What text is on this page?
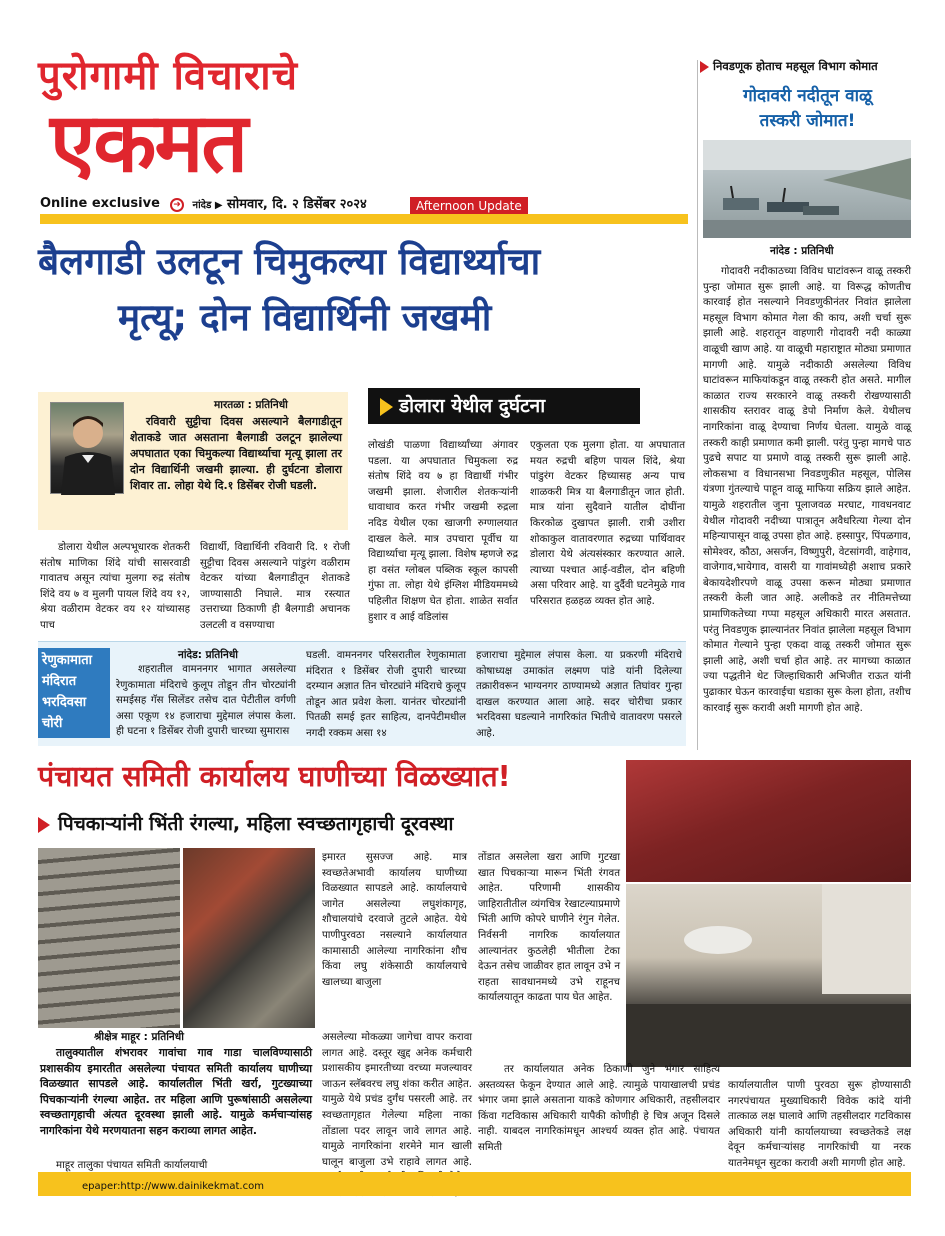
पुरोगामी विचाराचे
एकमत
Online exclusive	➜ नांदेड ▶ सोमवार, दि. २ डिसेंबर २०२४	Afternoon Update
निवडणूक होताच महसूल विभाग कोमात
गोदावरी नदीतून वाळू
तस्करी जोमात!
नांदेड : प्रतिनिधी
गोदावरी नदीकाठच्या विविध घाटांवरून वाळू तस्करी पुन्हा जोमात सुरू झाली आहे. या विरूद्ध कोणतीच कारवाई होत नसल्याने निवडणुकीनंतर निवांत झालेला महसूल विभाग कोमात गेला की काय, अशी चर्चा सुरू झाली आहे. शहरातून वाहणारी गोदावरी नदी काळ्या वाळूची खाण आहे. या वाळूची महाराष्ट्रात मोठ्या प्रमाणात मागणी आहे. यामुळे नदीकाठी असलेल्या विविध घाटांवरून माफियांकडून वाळू तस्करी होत असते. मागील काळात राज्य सरकारने वाळू तस्करी रोखण्यासाठी शासकीय स्तरावर वाळू डेपो निर्माण केले. येथीलच नागरिकांना वाळू देण्याचा निर्णय घेतला. यामुळे वाळू तस्करी काही प्रमाणात कमी झाली. परंतु पुन्हा मागचे पाठ पुढचे सपाट या प्रमाणे वाळू तस्करी सुरू झाली आहे. लोकसभा व विधानसभा निवडणुकीत महसूल, पोलिस यंत्रणा गुंतल्याचे पाहून वाळू माफिया सक्रिय झाले आहेत. यामुळे शहरातील जुना पूलाजवळ मरघाट, गावधनवाट येथील गोदावरी नदीच्या पात्रातून अवैधरित्या गेल्या दोन महिन्यापासून वाळू उपसा होत आहे. हस्सापुर, पिंपळगाव, सोमेश्वर, कौठा, असर्जन, विष्णुपुरी, वेटसांगवी, वाहेगाव, वाजेगाव,भायेगाव, वासरी या गावांमध्येही अशाच प्रकारे बेकायदेशीरपणे वाळू उपसा करून मोठ्या प्रमाणात तस्करी केली जात आहे. अलीकडे तर नीतिमत्तेच्या प्रामाणिकतेच्या गप्पा महसूल अधिकारी मारत असतात. परंतु निवडणुक झाल्यानंतर निवांत झालेला महसूल विभाग कोमात गेल्याने पुन्हा एकदा वाळू तस्करी जोमात सुरू झाली आहे, अशी चर्चा होत आहे. तर मागच्या काळात ज्या पद्धतीने थेट जिल्हाधिकारी अभिजीत राऊत यांनी पुढाकार घेऊन कारवाईचा धडाका सुरू केला होता, तशीच कारवाई सुरू करावी अशी मागणी होत आहे.
बैलगाडी उलटून चिमुकल्या विद्यार्थ्याचा
मृत्यू; दोन विद्यार्थिनी जखमी
डोलारा येथील दुर्घटना
मारतळा : प्रतिनिधी
रविवारी सुट्टीचा दिवस असल्याने बैलगाडीतून शेताकडे जात असताना बैलगाडी उलटून झालेल्या अपघातात एका चिमुकल्या विद्यार्थ्याचा मृत्यू झाला तर दोन विद्यार्थिनी जखमी झाल्या. ही दुर्घटना डोलारा शिवार ता. लोहा येथे दि.१ डिसेंबर रोजी घडली.
डोलारा येथील अल्पभूधारक शेतकरी संतोष माणिका शिंदे यांची सासरवाडी गावातच असून त्यांचा मुलगा रुद्र संतोष शिंदे वय ७ व मुलगी पायल शिंदे वय १२, श्रेया वळीराम वेटकर वय १२ यांच्यासह पाच
विद्यार्थी, विद्यार्थिनी रविवारी दि. १ रोजी सुट्टीचा दिवस असल्याने पांडुरंग वळीराम वेटकर यांच्या बैलगाडीतून शेताकडे जाण्यासाठी निघाले. मात्र रस्त्यात उत्तराच्या ठिकाणी ही बैलगाडी अचानक उलटली व वसण्याचा
लोखंडी पाळणा विद्यार्थ्यांच्या अंगावर पडला. या अपघातात चिमुकला रुद्र संतोष शिंदे वय ७ हा विद्यार्थी गंभीर जखमी झाला. शेजारील शेतकऱ्यांनी धावाधाव करत गंभीर जखमी रुद्रला नदिड येथील एका खाजगी रुग्णालयात दाखल केले. मात्र उपचारा पूर्वीच या विद्यार्थ्याचा मृत्यू झाला. विशेष म्हणजे रुद्र हा वसंत ग्लोबल पब्लिक स्कूल कापसी गुंफा ता. लोहा येथे इंग्लिश मीडियममध्ये पहिलीत शिक्षण घेत होता. शाळेत सर्वात हुशार व आई वडिलांस
एकुलता एक मुलगा होता. या अपघातात मयत रुद्रची बहिण पायल शिंदे, श्रेया पांडुरंग वेटकर हिच्यासह अन्य पाच शाळकरी मित्र या बैलगाडीतून जात होती. मात्र यांना सुदैवाने यातील दोघींना किरकोळ दुखापत झाली. रात्री उशीरा शोकाकुल वातावरणात रुद्रच्या पार्थिवावर डोलारा येथे अंत्यसंस्कार करण्यात आले. त्याच्या पश्चात आई-वडील, दोन बहिणी असा परिवार आहे. या दुर्दैवी घटनेमुळे गाव परिसरात हळहळ व्यक्त होत आहे.
रेणुकामाता मंदिरात भरदिवसा चोरी
नांदेड: प्रतिनिधी
शहरातील वामननगर भागात असलेल्या रेणुकामाता मंदिराचे कुलूप तोडून तीन चोरट्यांनी समईसह गॅस सिलेंडर तसेच दात पेटीतील वर्गणी असा एकूण १४ हजाराचा मुद्देमाल लंपास केला. ही घटना १ डिसेंबर रोजी दुपारी चारच्या सुमारास
घडली. वामननगर परिसरातील रेणुकामाता मंदिरात १ डिसेंबर रोजी दुपारी चारच्या दरम्यान अज्ञात तिन चोरट्यांने मंदिराचे कुलूप तोडून आत प्रवेश केला. यानंतर चोरट्यांनी पितळी समई इतर साहित्य, दानपेटीमधील नगदी रक्कम असा १४
हजाराचा मुद्देमाल लंपास केला. या प्रकरणी मंदिराचे कोषाध्यक्ष उमाकांत लक्ष्मण पांडे यांनी दिलेल्या तक्रारीवरून भाग्यनगर ठाण्यामध्ये अज्ञात तिघांवर गुन्हा दाखल करण्यात आला आहे. सदर चोरीचा प्रकार भरदिवसा घडल्याने नागरिकांत भितीचे वातावरण पसरले आहे.
पंचायत समिती कार्यालय घाणीच्या विळख्यात!
पिचकाऱ्यांनी भिंती रंगल्या, महिला स्वच्छतागृहाची दूरवस्था
श्रीक्षेत्र माहूर : प्रतिनिधी
तालुक्यातील शंभरावर गावांचा गाव गाडा चालविण्यासाठी प्रशासकीय इमारतीत असलेल्या पंचायत समिती कार्यालय घाणीच्या विळख्यात सापडले आहे. कार्यालतील भिंती खर्रा, गुटख्याच्या पिचकाऱ्यांनी रंगल्या आहेत. तर महिला आणि पुरूषांसाठी असलेल्या स्वच्छतागृहाची अंत्यत दूरवस्था झाली आहे. यामुळे कर्मचाऱ्यांसह नागरिकांना येथे मरणयातना सहन कराव्या लागत आहेत.
माहूर तालुका पंचायत समिती कार्यालयाची
इमारत सुसज्ज आहे. मात्र स्वच्छतेअभावी कार्यालय घाणीच्या विळख्यात सापडले आहे. कार्यालयाचे जागेत असलेल्या लघुशंकागृह, शौचालयांचे दरवाजे तुटले आहेत. येथे पाणीपुरवठा नसल्याने कार्यालयात कामासाठी आलेल्या नागरिकांना शौच किंवा लघु शंकेसाठी कार्यालयाचे खालच्या बाजुला
असलेल्या मोकळ्या जागेचा वापर करावा लागत आहे. दस्तूर खुद्द अनेक कर्मचारी प्रशासकीय इमारतीच्या वरच्या मजल्यावर जाऊन स्लॅबवरच लघु शंका करीत आहेत. यामुळे येथे प्रचंड दुर्गंध पसरली आहे. तर स्वच्छतागृहात गेलेल्या महिला नाका तोंडाला पदर लावून जावे लागत आहे. यामुळे नागरिकांना शरमेने मान खाली घालून बाजुला उभे राहावे लागत आहे.
तोंडात असलेला खरा आणि गुटखा खात पिचकाऱ्या मारून भिंती रंगवत आहेत. परिणामी शासकीय जाहिरातीतील व्यंगचित्र रेखाटल्याप्रमाणे भिंती आणि कोपरे घाणीने रंगुन गेलेत. निर्वसनी नागरिक कार्यालयात आल्यानंतर कुठलेही भीतीला टेका देऊन तसेच जाळीवर हात लावून उभे न राहता सावधानमध्ये उभे राहूनच कार्यालयातून काढता पाय घेत आहेत.
तर कार्यालयात अनेक ठिकाणी जुने भंगार साहित्य अस्तव्यस्त फेकून देण्यात आले आहे. त्यामुळे पायाखालची प्रचंड भंगार जमा झाले असताना याकडे कोणगार अधिकारी, तहसीलदार किंवा गटविकास अधिकारी यापैकी कोणीही हे चित्र अजून दिसले नाही. याबदल नागरिकांमधून आश्चर्य व्यक्त होत आहे. पंचायत समिती
कार्यालयातील पाणी पुरवठा सुरू होण्यासाठी नगरपंचायत मुख्याधिकारी विवेक कांदे यांनी तात्काळ लक्ष घालावे आणि तहसीलदार गटविकास अधिकारी यांनी कार्यालयाच्या स्वच्छतेकडे लक्ष देवून कर्मचाऱ्यांसह नागरिकांची या नरक यातनेमधून सुटका करावी अशी मागणी होत आहे.
epaper:http://www.dainikekmat.com
